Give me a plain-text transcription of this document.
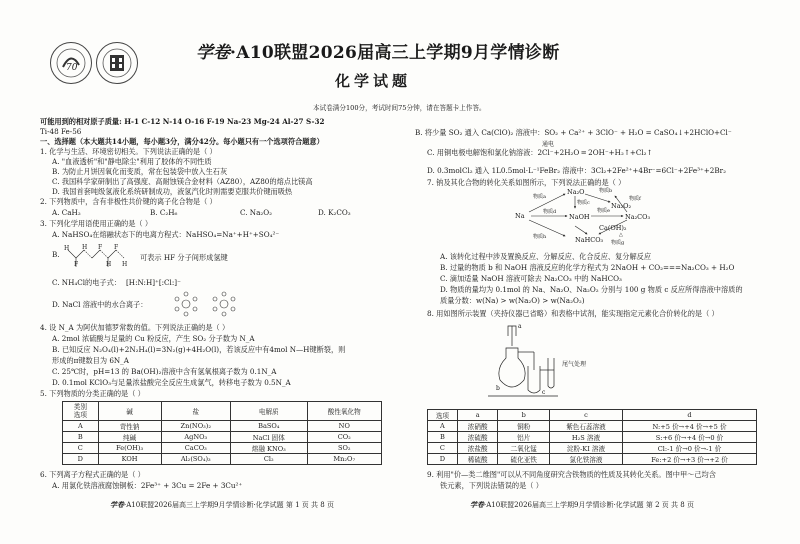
70
学卷·A10联盟2026届高三上学期9月学情诊断
化学试题
本试卷满分100分，考试时间75分钟，请在答题卡上作答。
可能用到的相对原子质量: H-1 C-12 N-14 O-16 F-19 Na-23 Mg-24 Al-27 S-32
Ti-48 Fe-56
一、选择题（本大题共14小题，每小题3分，满分42分。每小题只有一个选项符合题意）
1. 化学与生活、环境密切相关。下列说法正确的是（ ）
A. "血液透析"和"静电除尘"利用了胶体的不同性质
B. 为防止月饼因氧化而变质，常在包装袋中放入生石灰
C. 我国科学家研制出了高强度、高耐蚀镁合金材料（AZ80），AZ80的熔点比镁高
D. 我国首套吨级氢液化系统研制成功，液氢汽化时则需要克服共价键而吸热
2. 下列物质中，含有非极性共价键的离子化合物是（ ）
A. CaH₂	B. C₂H₆	C. Na₂O₂	D. K₂CO₃
3. 下列化学用语使用正确的是（ ）
A. NaHSO₄在熔融状态下的电离方程式：NaHSO₄=Na⁺+H⁺+SO₄²⁻
B.
H
F
H F
H
F
H
可表示 HF 分子间形成氢键
C. NH₄Cl的电子式： [H:N:H]⁺[:Cl:]⁻
D. NaCl 溶液中的水合离子：
4. 设 N_A 为阿伏加德罗常数的值。下列说法正确的是（ ）
A. 2mol 浓硫酸与足量的 Cu 粉反应，产生 SO₂ 分子数为 N_A
B. 已知反应 N₂O₄(l)+2N₂H₄(l)=3N₂(g)+4H₂O(l)，若该反应中有4mol N—H键断裂，则
形成的π键数目为 6N_A
C. 25℃时，pH=13 的 Ba(OH)₂溶液中含有氢氧根离子数为 0.1N_A
D. 0.1mol KClO₃与足量浓盐酸完全反应生成氯气，转移电子数为 0.5N_A
5. 下列物质的分类正确的是（ ）
类别
选项	碱	盐	电解质	酸性氧化物
A	苛性钠	Zn(NO₃)₂	BaSO₄	NO
B	纯碱	AgNO₃	NaCl 固体	CO₂
C	Fe(OH)₃	CaCO₃	熔融 KNO₃	SO₂
D	KOH	Al₂(SO₄)₃	Cl₂	Mn₂O₇
6. 下列离子方程式正确的是（ ）
A. 用氯化铁溶液腐蚀铜板：2Fe³⁺ + 3Cu = 2Fe + 3Cu²⁺
学卷·A10联盟2026届高三上学期9月学情诊断·化学试题 第 1 页 共 8 页
B. 将少量 SO₂ 通入 Ca(ClO)₂ 溶液中：SO₂ + Ca²⁺ + 3ClO⁻ + H₂O = CaSO₄↓+2HClO+Cl⁻
通电
C. 用铜电极电解饱和氯化钠溶液：2Cl⁻+2H₂O ═ 2OH⁻+H₂↑+Cl₂↑
D. 0.3molCl₂ 通入 1L0.5mol·L⁻¹FeBr₂ 溶液中：3Cl₂+2Fe²⁺+4Br⁻=6Cl⁻+2Fe³⁺+2Br₂
7. 钠及其化合物的转化关系如图所示，下列说法正确的是（ ）
Na
Na₂O
Na₂O₂
NaOH	Na₂CO₃
NaHCO₃
Ca(OH)₂
物质a
物质b
物质c
物质d	物质e
物质f
物质g
物质h	△
A. 该转化过程中涉及置换反应、分解反应、化合反应、复分解反应
B. 过量的物质 b 和 NaOH 溶液反应的化学方程式为 2NaOH + CO₂===Na₂CO₃ + H₂O
C. 滴加适量 NaOH 溶液可除去 Na₂CO₃ 中的 NaHCO₃
D. 物质的量均为 0.1mol 的 Na、Na₂O、Na₂O₂ 分别与 100 g 物质 c 反应所得溶液中溶质的
质量分数：w(Na) > w(Na₂O) > w(Na₂O₂)
8. 用如图所示装置（夹持仪器已省略）和表格中试剂，能实现指定元素化合价转化的是（ ）
a
b
c
尾气处理
选项	a	b	c	d
A	浓硝酸	铜粉	紫色石蕊溶液	N:+5 价→+4 价→+5 价
B	浓硫酸	铝片	H₂S 溶液	S:+6 价→+4 价→0 价
C	浓盐酸	二氧化锰	淀粉-KI 溶液	Cl:-1 价→0 价→-1 价
D	稀硫酸	硫化亚铁	氯化铁溶液	Fe:+2 价→+3 价→+2 价
9. 利用"价—类二维图"可以从不同角度研究含铁物质的性质及其转化关系。图中甲～己均含
铁元素，下列说法错误的是（ ）
学卷·A10联盟2026届高三上学期9月学情诊断·化学试题 第 2 页 共 8 页
